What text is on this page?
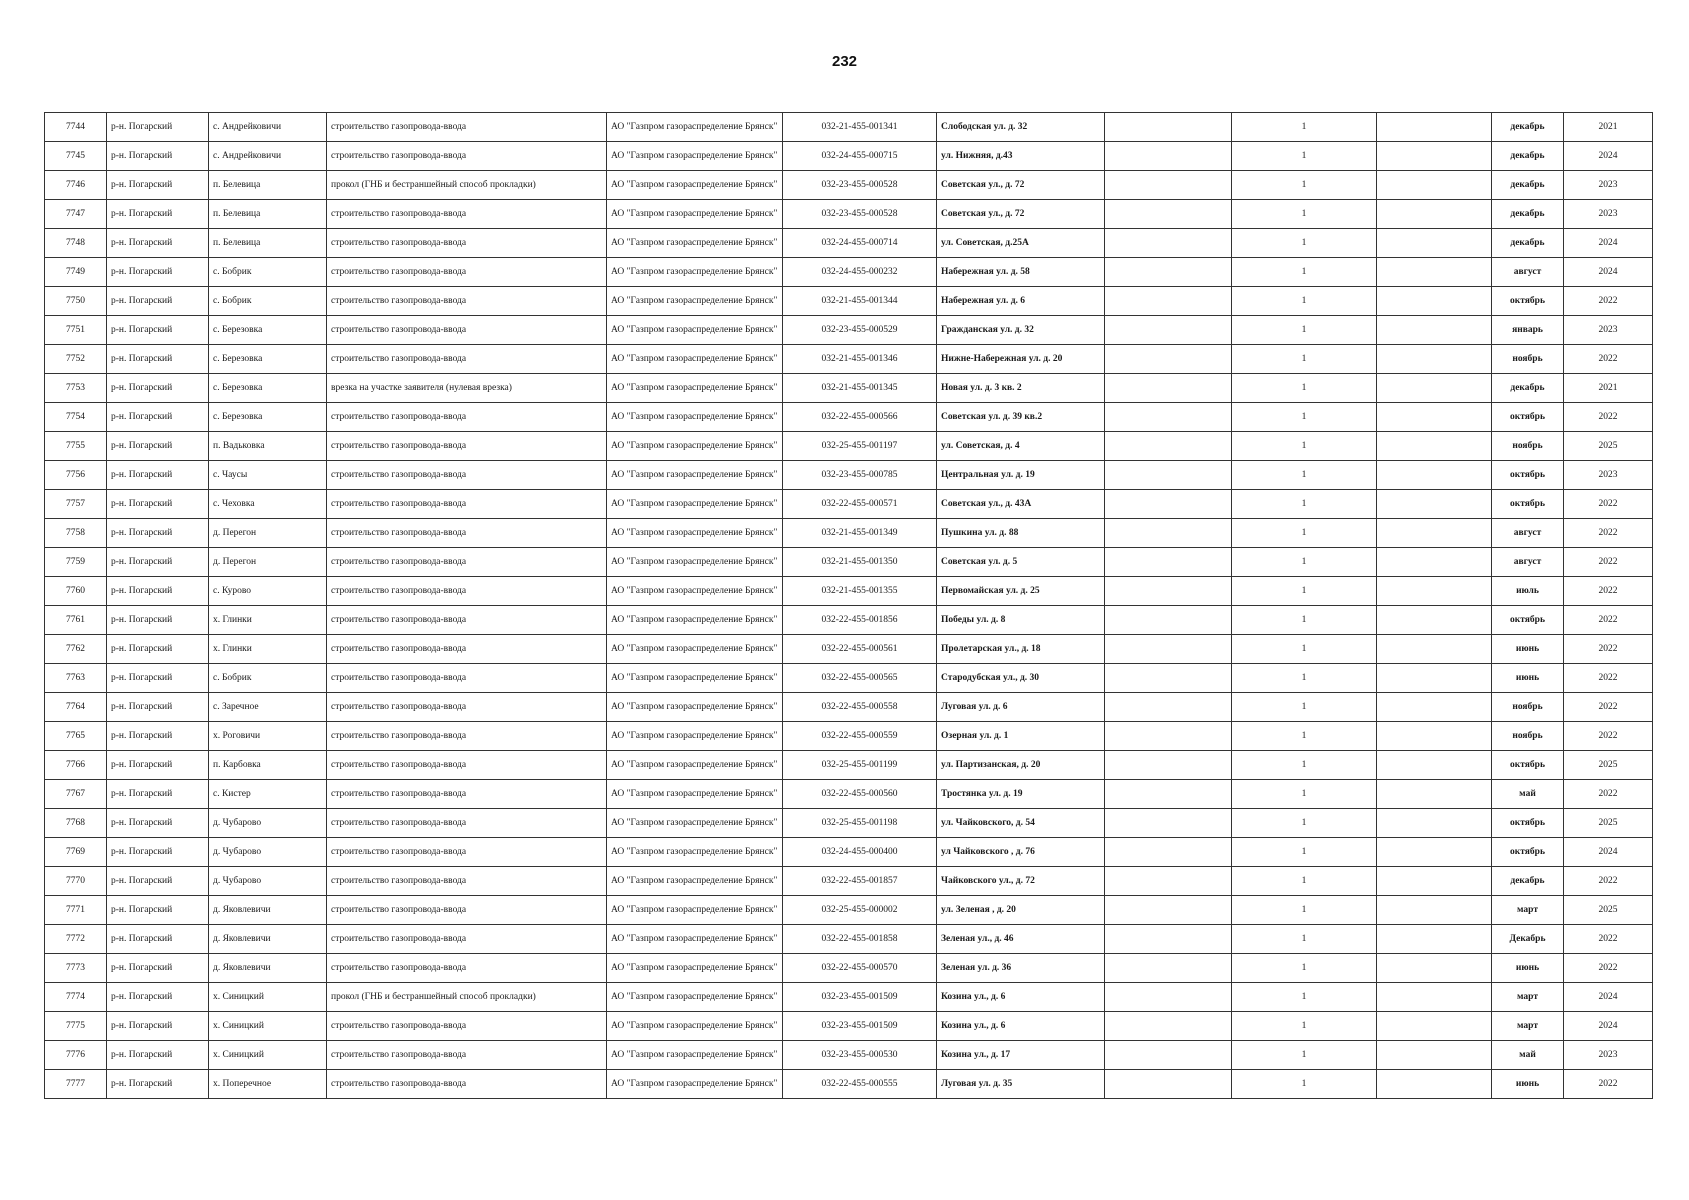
232
7744	р-н. Погарский	с. Андрейковичи	строительство газопровода-ввода	АО "Газпром газораспределение Брянск"	032-21-455-001341	Слободская ул. д. 32		1		декабрь	2021
7745	р-н. Погарский	с. Андрейковичи	строительство газопровода-ввода	АО "Газпром газораспределение Брянск"	032-24-455-000715	ул. Нижняя, д.43		1		декабрь	2024
7746	р-н. Погарский	п. Белевица	прокол (ГНБ и бестраншейный способ прокладки)	АО "Газпром газораспределение Брянск"	032-23-455-000528	Советская ул., д. 72		1		декабрь	2023
7747	р-н. Погарский	п. Белевица	строительство газопровода-ввода	АО "Газпром газораспределение Брянск"	032-23-455-000528	Советская ул., д. 72		1		декабрь	2023
7748	р-н. Погарский	п. Белевица	строительство газопровода-ввода	АО "Газпром газораспределение Брянск"	032-24-455-000714	ул. Советская, д.25А		1		декабрь	2024
7749	р-н. Погарский	с. Бобрик	строительство газопровода-ввода	АО "Газпром газораспределение Брянск"	032-24-455-000232	Набережная ул. д. 58		1		август	2024
7750	р-н. Погарский	с. Бобрик	строительство газопровода-ввода	АО "Газпром газораспределение Брянск"	032-21-455-001344	Набережная ул. д. 6		1		октябрь	2022
7751	р-н. Погарский	с. Березовка	строительство газопровода-ввода	АО "Газпром газораспределение Брянск"	032-23-455-000529	Гражданская ул. д. 32		1		январь	2023
7752	р-н. Погарский	с. Березовка	строительство газопровода-ввода	АО "Газпром газораспределение Брянск"	032-21-455-001346	Нижне-Набережная ул. д. 20		1		ноябрь	2022
7753	р-н. Погарский	с. Березовка	врезка на участке заявителя (нулевая врезка)	АО "Газпром газораспределение Брянск"	032-21-455-001345	Новая ул. д. 3 кв. 2		1		декабрь	2021
7754	р-н. Погарский	с. Березовка	строительство газопровода-ввода	АО "Газпром газораспределение Брянск"	032-22-455-000566	Советская ул. д. 39 кв.2		1		октябрь	2022
7755	р-н. Погарский	п. Вадьковка	строительство газопровода-ввода	АО "Газпром газораспределение Брянск"	032-25-455-001197	ул. Советская, д. 4		1		ноябрь	2025
7756	р-н. Погарский	с. Чаусы	строительство газопровода-ввода	АО "Газпром газораспределение Брянск"	032-23-455-000785	Центральная ул. д. 19		1		октябрь	2023
7757	р-н. Погарский	с. Чеховка	строительство газопровода-ввода	АО "Газпром газораспределение Брянск"	032-22-455-000571	Советская ул., д. 43А		1		октябрь	2022
7758	р-н. Погарский	д. Перегон	строительство газопровода-ввода	АО "Газпром газораспределение Брянск"	032-21-455-001349	Пушкина ул. д. 88		1		август	2022
7759	р-н. Погарский	д. Перегон	строительство газопровода-ввода	АО "Газпром газораспределение Брянск"	032-21-455-001350	Советская ул. д. 5		1		август	2022
7760	р-н. Погарский	с. Курово	строительство газопровода-ввода	АО "Газпром газораспределение Брянск"	032-21-455-001355	Первомайская ул. д. 25		1		июль	2022
7761	р-н. Погарский	х. Глинки	строительство газопровода-ввода	АО "Газпром газораспределение Брянск"	032-22-455-001856	Победы ул. д. 8		1		октябрь	2022
7762	р-н. Погарский	х. Глинки	строительство газопровода-ввода	АО "Газпром газораспределение Брянск"	032-22-455-000561	Пролетарская ул., д. 18		1		июнь	2022
7763	р-н. Погарский	с. Бобрик	строительство газопровода-ввода	АО "Газпром газораспределение Брянск"	032-22-455-000565	Стародубская ул., д. 30		1		июнь	2022
7764	р-н. Погарский	с. Заречное	строительство газопровода-ввода	АО "Газпром газораспределение Брянск"	032-22-455-000558	Луговая ул. д. 6		1		ноябрь	2022
7765	р-н. Погарский	х. Роговичи	строительство газопровода-ввода	АО "Газпром газораспределение Брянск"	032-22-455-000559	Озерная ул. д. 1		1		ноябрь	2022
7766	р-н. Погарский	п. Карбовка	строительство газопровода-ввода	АО "Газпром газораспределение Брянск"	032-25-455-001199	ул. Партизанская, д. 20		1		октябрь	2025
7767	р-н. Погарский	с. Кистер	строительство газопровода-ввода	АО "Газпром газораспределение Брянск"	032-22-455-000560	Тростянка ул. д. 19		1		май	2022
7768	р-н. Погарский	д. Чубарово	строительство газопровода-ввода	АО "Газпром газораспределение Брянск"	032-25-455-001198	ул. Чайковского, д. 54		1		октябрь	2025
7769	р-н. Погарский	д. Чубарово	строительство газопровода-ввода	АО "Газпром газораспределение Брянск"	032-24-455-000400	ул Чайковского , д. 76		1		октябрь	2024
7770	р-н. Погарский	д. Чубарово	строительство газопровода-ввода	АО "Газпром газораспределение Брянск"	032-22-455-001857	Чайковского ул., д. 72		1		декабрь	2022
7771	р-н. Погарский	д. Яковлевичи	строительство газопровода-ввода	АО "Газпром газораспределение Брянск"	032-25-455-000002	ул. Зеленая , д. 20		1		март	2025
7772	р-н. Погарский	д. Яковлевичи	строительство газопровода-ввода	АО "Газпром газораспределение Брянск"	032-22-455-001858	Зеленая ул., д. 46		1		Декабрь	2022
7773	р-н. Погарский	д. Яковлевичи	строительство газопровода-ввода	АО "Газпром газораспределение Брянск"	032-22-455-000570	Зеленая ул. д. 36		1		июнь	2022
7774	р-н. Погарский	х. Синицкий	прокол (ГНБ и бестраншейный способ прокладки)	АО "Газпром газораспределение Брянск"	032-23-455-001509	Козина ул., д. 6		1		март	2024
7775	р-н. Погарский	х. Синицкий	строительство газопровода-ввода	АО "Газпром газораспределение Брянск"	032-23-455-001509	Козина ул., д. 6		1		март	2024
7776	р-н. Погарский	х. Синицкий	строительство газопровода-ввода	АО "Газпром газораспределение Брянск"	032-23-455-000530	Козина ул., д. 17		1		май	2023
7777	р-н. Погарский	х. Поперечное	строительство газопровода-ввода	АО "Газпром газораспределение Брянск"	032-22-455-000555	Луговая ул. д. 35		1		июнь	2022
